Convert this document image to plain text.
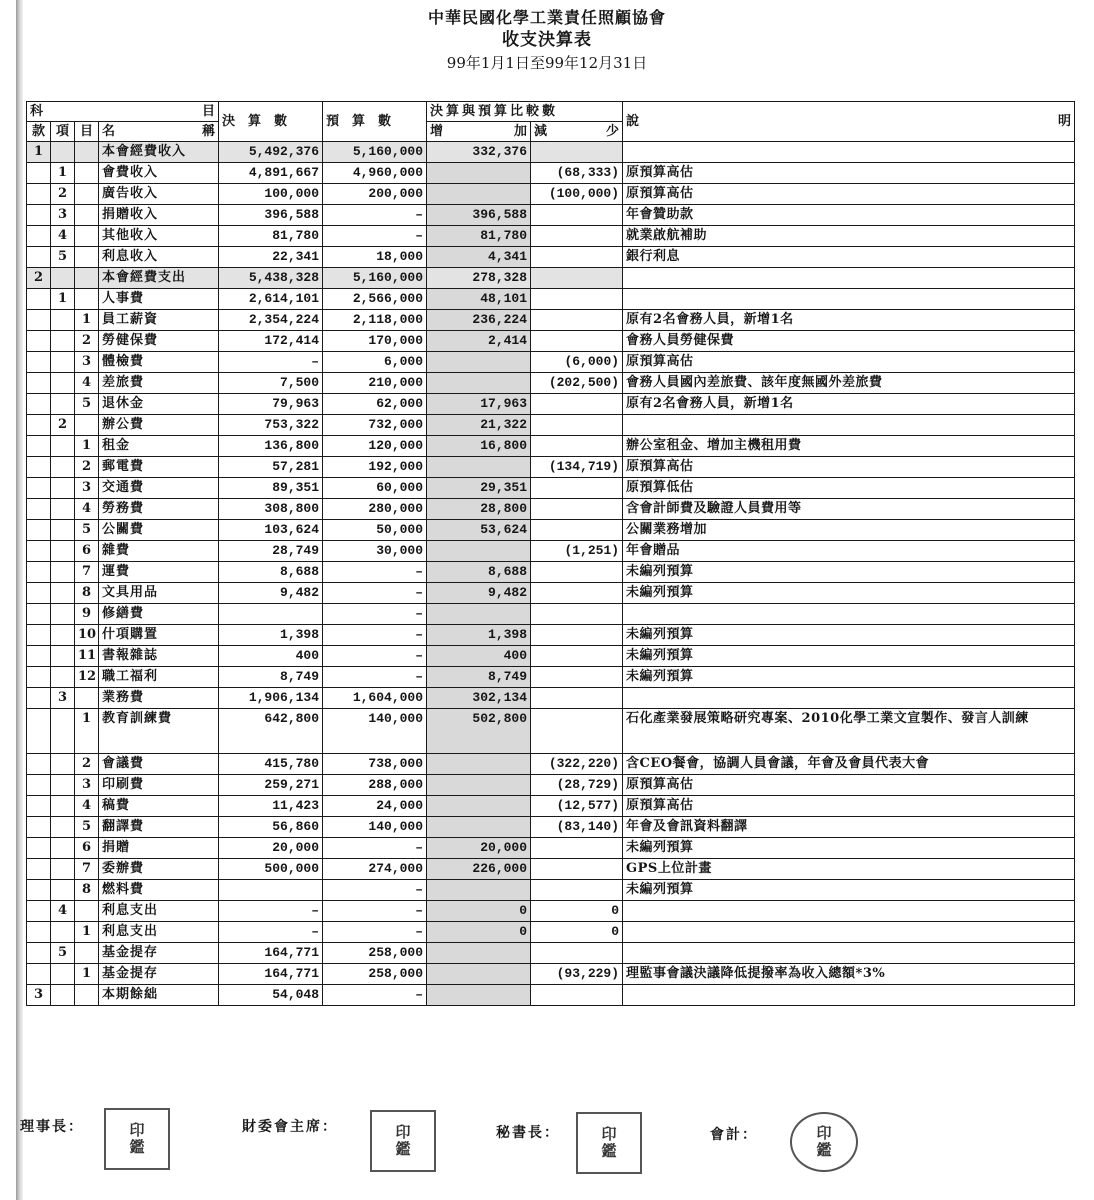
中華民國化學工業責任照顧協會
收支決算表
99年1月1日至99年12月31日
科 目				決　算　數	預　算　數	決算與預算比較數		說 明

款	項	目	名 稱			增 加	減 少	

1			本會經費收入	5,492,376	5,160,000	332,376		
	1		會費收入	4,891,667	4,960,000		(68,333)	原預算高估
	2		廣告收入	100,000	200,000		(100,000)	原預算高估
	3		捐贈收入	396,588	–	396,588		年會贊助款
	4		其他收入	81,780	–	81,780		就業啟航補助
	5		利息收入	22,341	18,000	4,341		銀行利息
2			本會經費支出	5,438,328	5,160,000	278,328		
	1		人事費	2,614,101	2,566,000	48,101		
		1	員工薪資	2,354,224	2,118,000	236,224		原有2名會務人員，新增1名
		2	勞健保費	172,414	170,000	2,414		會務人員勞健保費
		3	體檢費	–	6,000		(6,000)	原預算高估
		4	差旅費	7,500	210,000		(202,500)	會務人員國內差旅費、該年度無國外差旅費
		5	退休金	79,963	62,000	17,963		原有2名會務人員，新增1名
	2		辦公費	753,322	732,000	21,322		
		1	租金	136,800	120,000	16,800		辦公室租金、增加主機租用費
		2	郵電費	57,281	192,000		(134,719)	原預算高估
		3	交通費	89,351	60,000	29,351		原預算低估
		4	勞務費	308,800	280,000	28,800		含會計師費及驗證人員費用等
		5	公關費	103,624	50,000	53,624		公關業務增加
		6	雜費	28,749	30,000		(1,251)	年會贈品
		7	運費	8,688	–	8,688		未編列預算
		8	文具用品	9,482	–	9,482		未編列預算
		9	修繕費		–			
		10	什項購置	1,398	–	1,398		未編列預算
		11	書報雜誌	400	–	400		未編列預算
		12	職工福利	8,749	–	8,749		未編列預算
	3		業務費	1,906,134	1,604,000	302,134		
		1	教育訓練費	642,800	140,000	502,800		石化產業發展策略研究專案、2010化學工業文宣製作、發言人訓練
		2	會議費	415,780	738,000		(322,220)	含CEO餐會，協調人員會議，年會及會員代表大會
		3	印刷費	259,271	288,000		(28,729)	原預算高估
		4	稿費	11,423	24,000		(12,577)	原預算高估
		5	翻譯費	56,860	140,000		(83,140)	年會及會訊資料翻譯
		6	捐贈	20,000	–	20,000		未編列預算
		7	委辦費	500,000	274,000	226,000		GPS上位計畫
		8	燃料費		–			未編列預算
	4		利息支出	–	–	0	0	
		1	利息支出	–	–	0	0	
	5		基金提存	164,771	258,000			
		1	基金提存	164,771	258,000		(93,229)	理監事會議決議降低提撥率為收入總額*3%
3			本期餘絀	54,048	–			
理事長：	印鑑	財委會主席：	印鑑	秘書長：	印鑑	會計：	印鑑
